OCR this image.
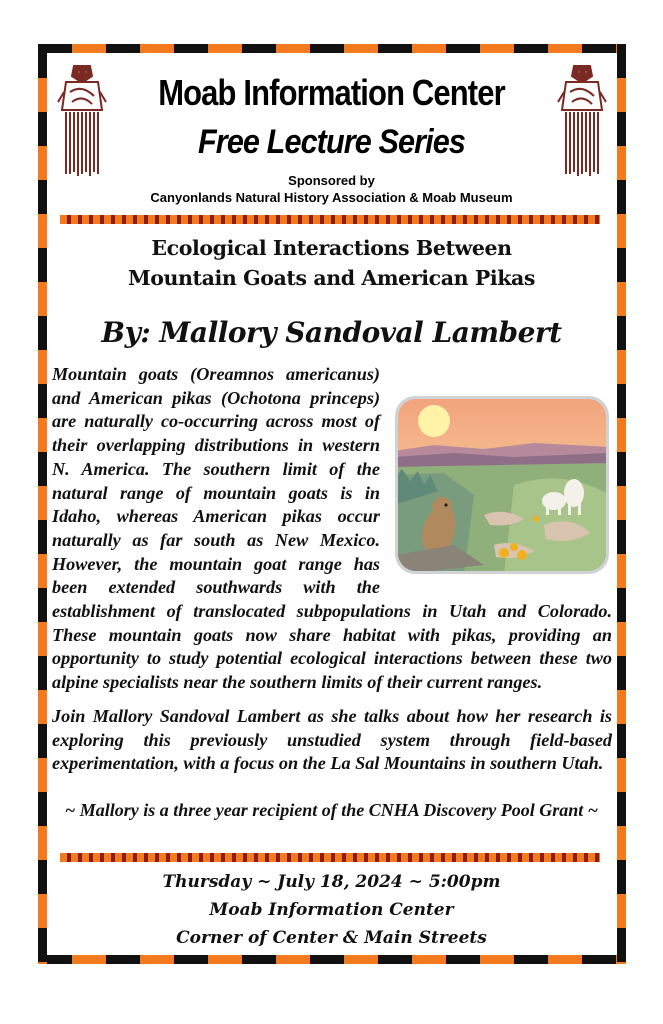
Moab Information Center
Free Lecture Series
Sponsored by
Canyonlands Natural History Association & Moab Museum
Ecological Interactions Between
Mountain Goats and American Pikas
By: Mallory Sandoval Lambert

Mountain goats (Oreamnos americanus) and American pikas (Ochotona princeps) are naturally co-occurring across most of their overlapping distributions in western N. America. The southern limit of the natural range of mountain goats is in Idaho, whereas American pikas occur naturally as far south as New Mexico. However, the mountain goat range has been extended southwards with the establishment of translocated subpopulations in Utah and Colorado. These mountain goats now share habitat with pikas, providing an opportunity to study potential ecological interactions between these two alpine specialists near the southern limits of their current ranges.

Join Mallory Sandoval Lambert as she talks about how her research is exploring this previously unstudied system through field-based experimentation, with a focus on the La Sal Mountains in southern Utah.

~ Mallory is a three year recipient of the CNHA Discovery Pool Grant ~
Thursday ~ July 18, 2024 ~ 5:00pm
Moab Information Center
Corner of Center & Main Streets
